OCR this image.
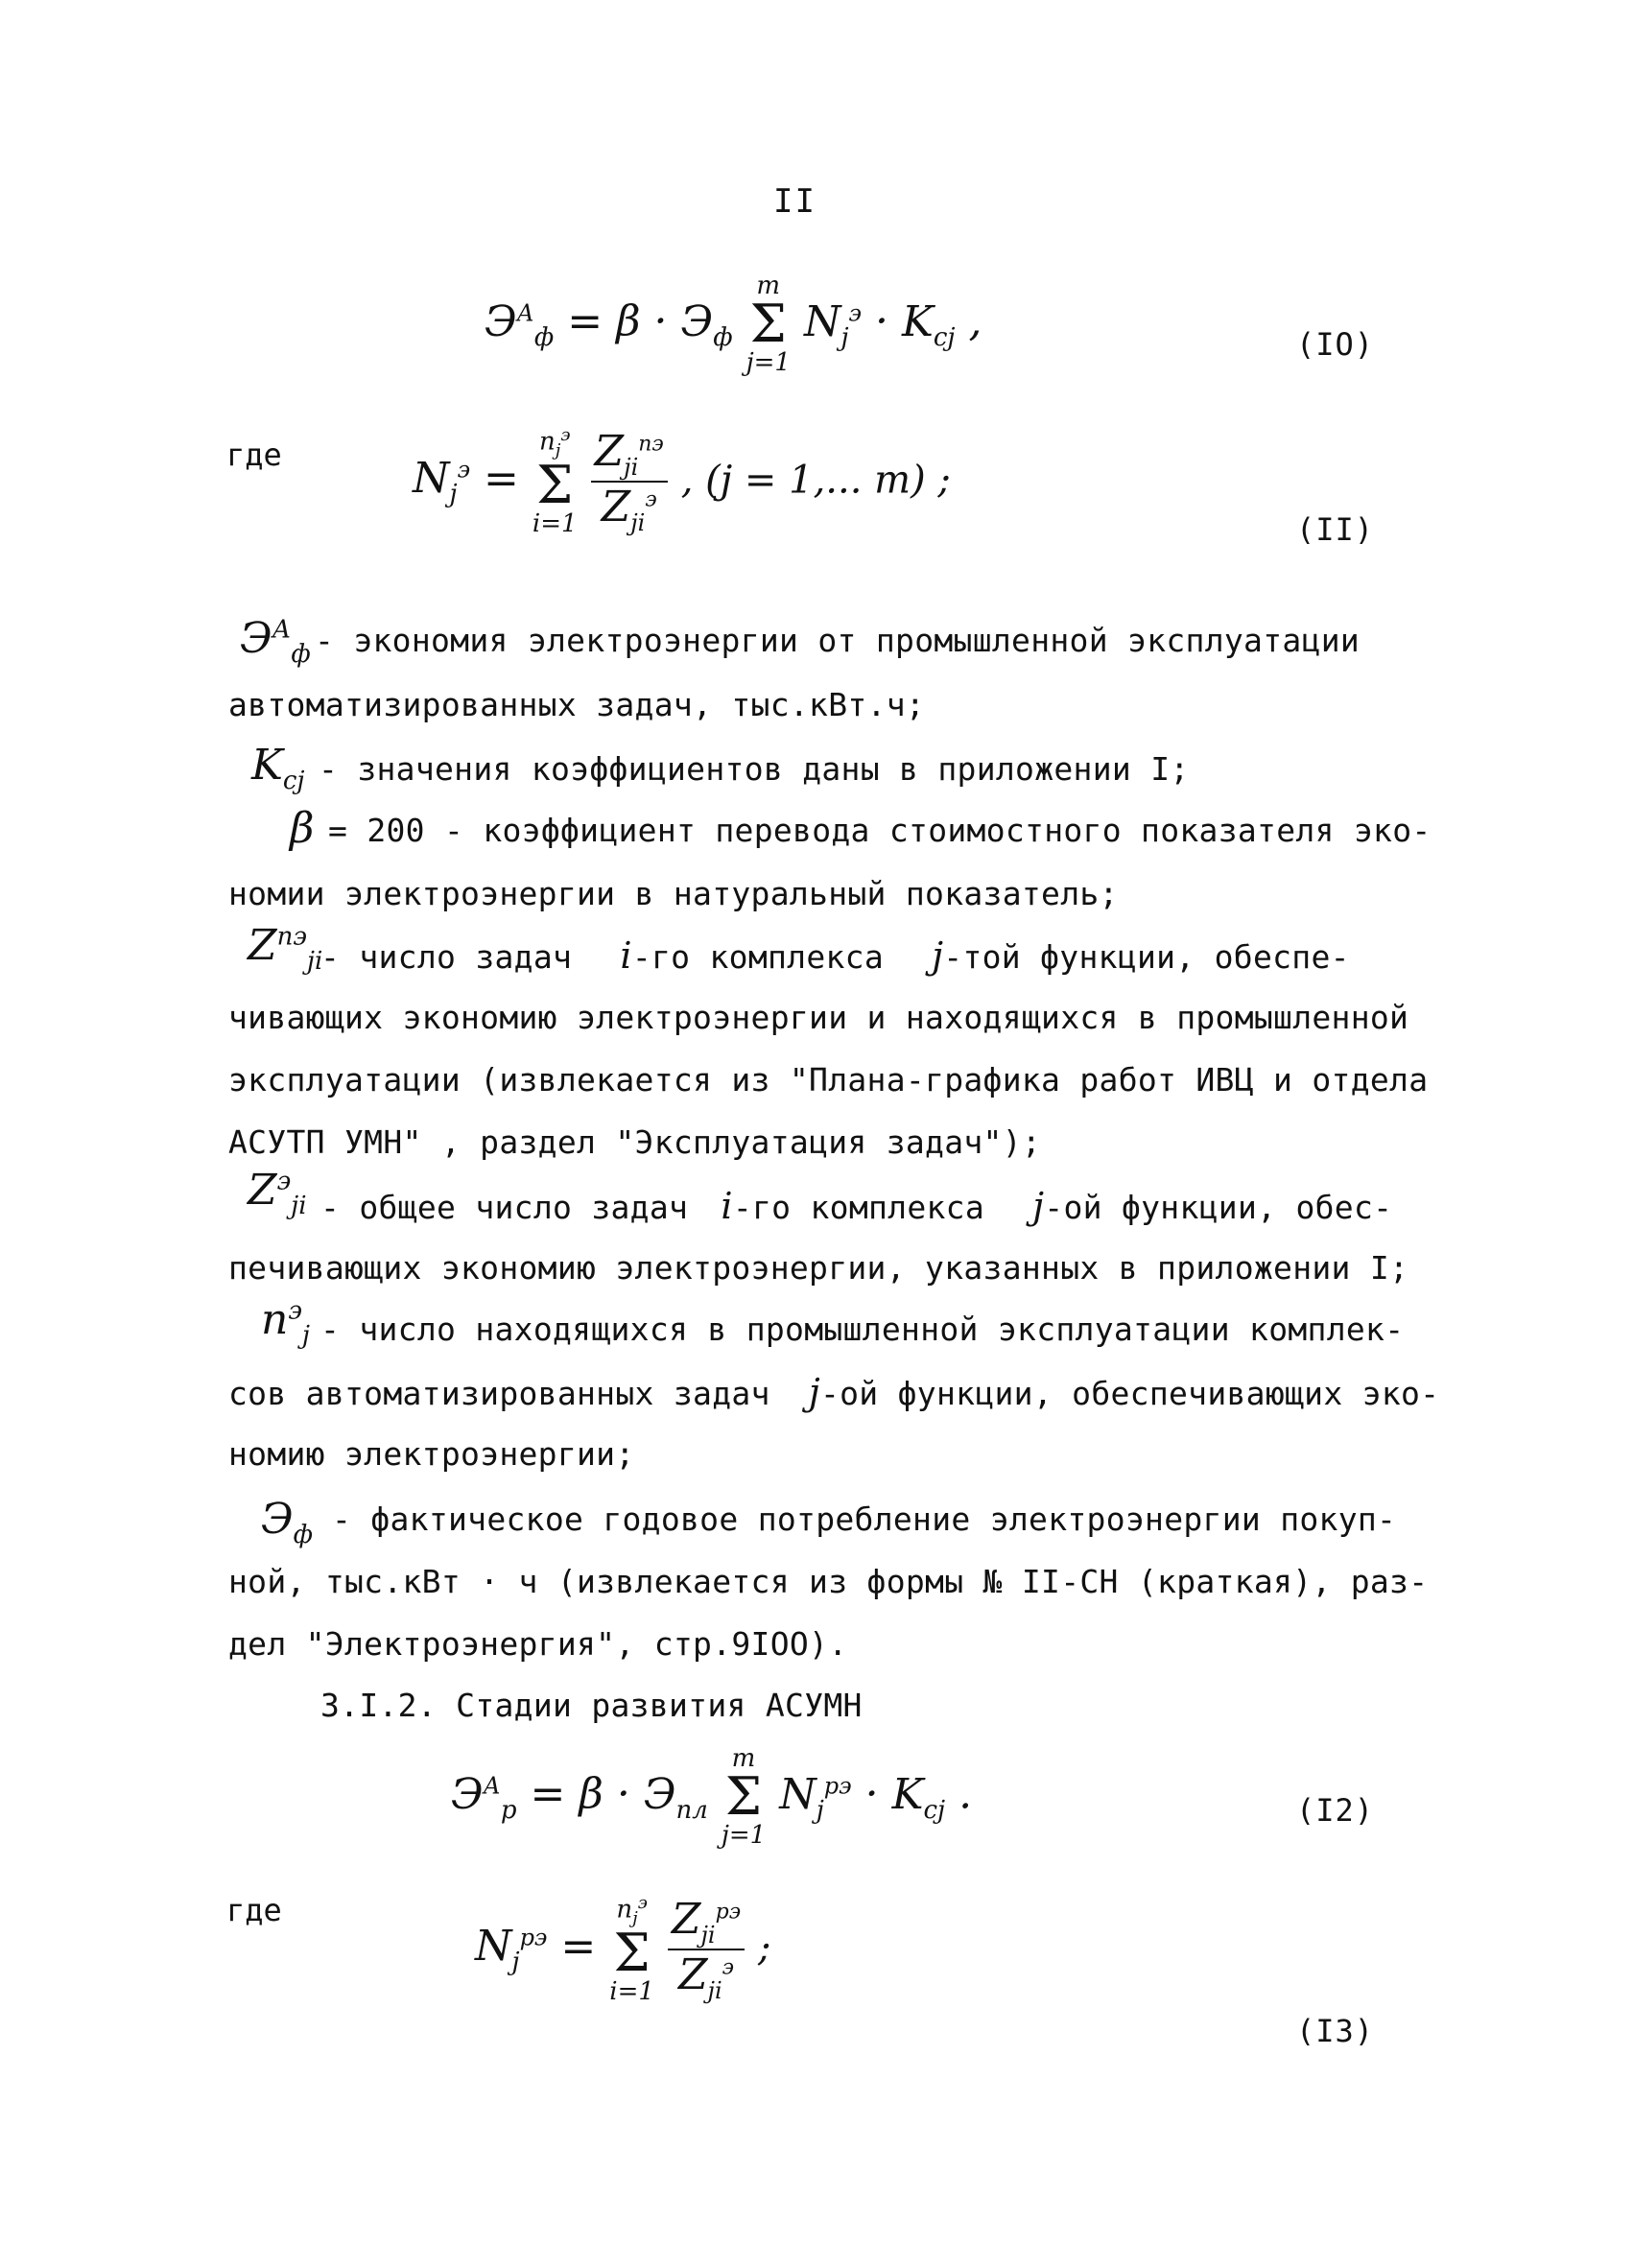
II
$Э^А_ф = \beta \cdot Э_ф$
m
Σ
j=1
$N_j^э \cdot K_{cj}$ ,	(IO)
где	$N_j^э$ =
$n_j^э$
Σ
i=1
$\frac{Z_{ji}^{пэ}}{Z_{ji}^э}$ , (j = 1,... m) ;
(II)
$Э^А_ф$ - экономия электроэнергии от промышленной эксплуатации
автоматизированных задач, тыс.кВт.ч;
$K_{cj}$ - значения коэффициентов даны в приложении I;
β = 200 - коэффициент перевода стоимостного показателя эко-
номии электроэнергии в натуральный показатель;
$Z^{пэ}_{ji}$
- число задач i-го комплекса j-той функции, обеспе-
чивающих экономию электроэнергии и находящихся в промышленной
эксплуатации (извлекается из "Плана-графика работ ИВЦ и отдела
АСУТП УМН" , раздел "Эксплуатация задач");
$Z^э_{ji}$ - общее число задач i-го комплекса j-ой функции, обес-
печивающих экономию электроэнергии, указанных в приложении I;
$n^э_j$ - число находящихся в промышленной эксплуатации комплек-
сов автоматизированных задач j-ой функции, обеспечивающих эко-
номию электроэнергии;
$Э_ф$ - фактическое годовое потребление электроэнергии покуп-
ной, тыс.кВт · ч (извлекается из формы № II-СН (краткая), раз-
дел "Электроэнергия", стр.9IOO).
3.I.2. Стадии развития АСУМН
$Э^А_р = \beta \cdot Э_{пл}$
m
Σ
j=1
$N_j^{рэ} \cdot K_{cj}$ .	(I2)
где
$N_j^{рэ}$ =
$n_j^э$
Σ
i=1
$\frac{Z_{ji}^{рэ}}{Z_{ji}^э}$ ;
(I3)
